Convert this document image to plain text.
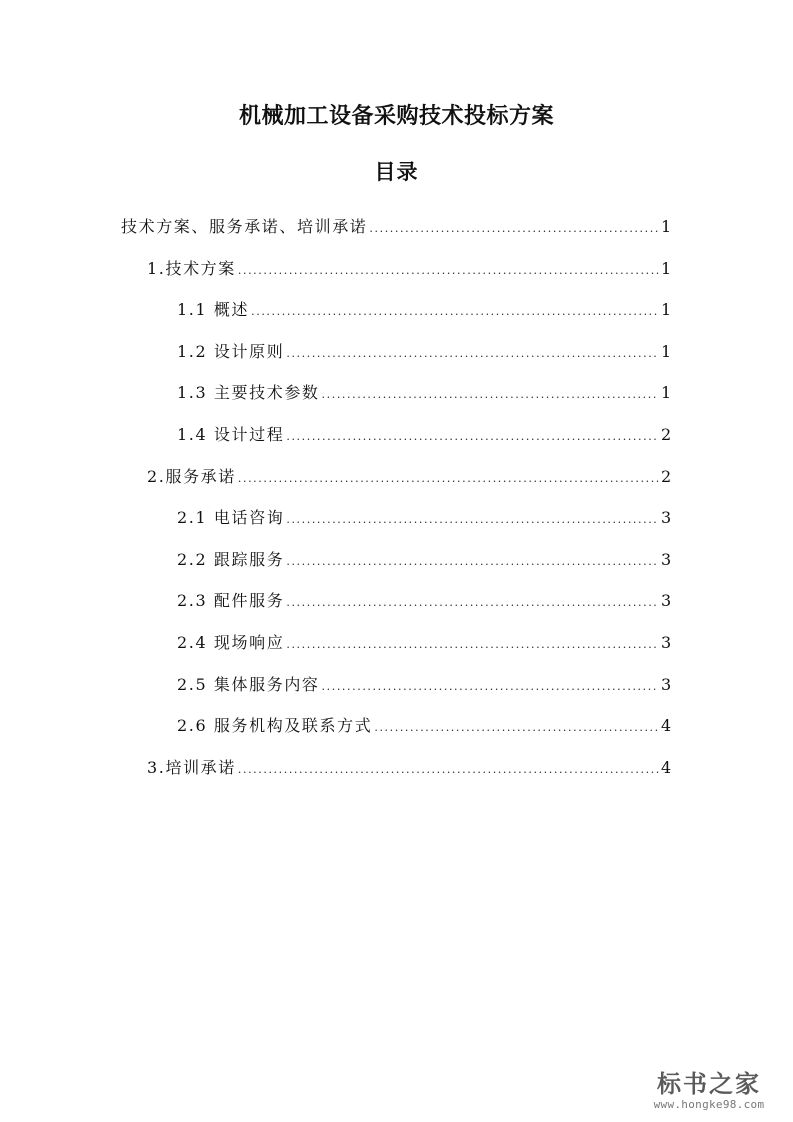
机械加工设备采购技术投标方案
目录
技术方案、服务承诺、培训承诺 .....	1
1.技术方案 .....	1
1.1 概述 .....	1
1.2 设计原则 .....	1
1.3 主要技术参数 .....	1
1.4 设计过程 .....	2
2.服务承诺 .....	2
2.1 电话咨询 .....	3
2.2 跟踪服务 .....	3
2.3 配件服务 .....	3
2.4 现场响应 .....	3
2.5 集体服务内容 .....	3
2.6 服务机构及联系方式 .....	4
3.培训承诺 .....	4
标书之家
www.hongke98.com
